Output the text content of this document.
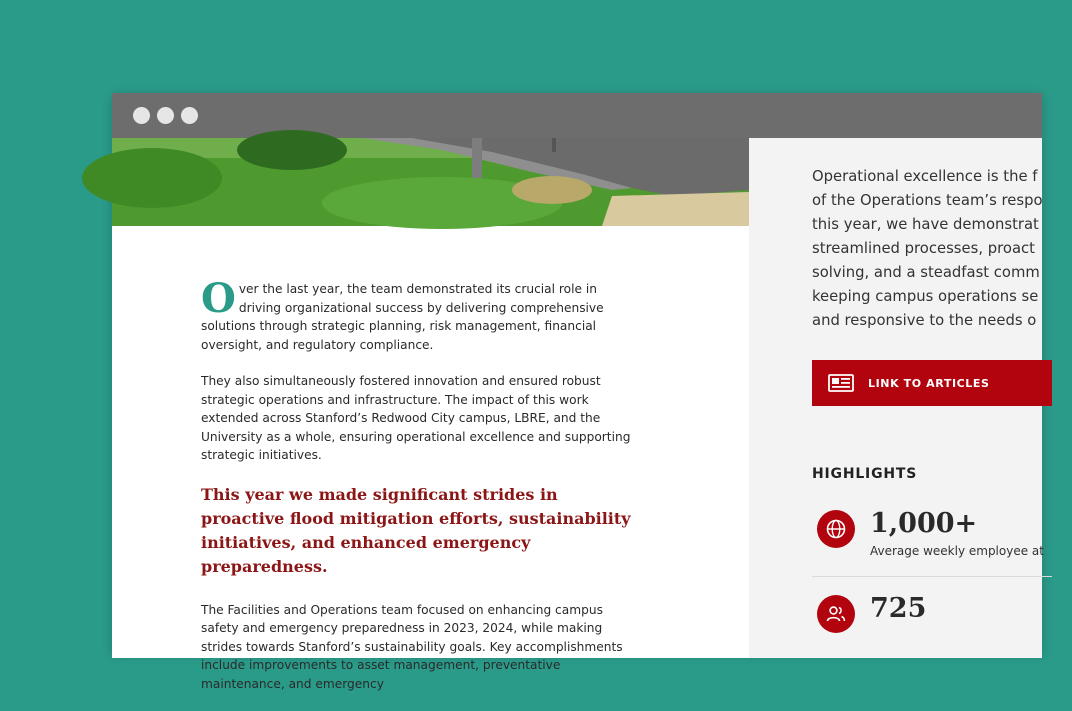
Over the last year, the team demonstrated its crucial role in driving organizational success by delivering comprehensive solutions through strategic planning, risk management, financial oversight, and regulatory compliance.

They also simultaneously fostered innovation and ensured robust strategic operations and infrastructure. The impact of this work extended across Stanford’s Redwood City campus, LBRE, and the University as a whole, ensuring operational excellence and supporting strategic initiatives.

This year we made significant strides in proactive flood mitigation efforts, sustainability initiatives, and enhanced emergency preparedness.

The Facilities and Operations team focused on enhancing campus safety and emergency preparedness in 2023, 2024, while making strides towards Stanford’s sustainability goals. Key accomplishments include improvements to asset management, preventative maintenance, and emergency

Operational excellence is the f
of the Operations team’s respo
this year, we have demonstrat
streamlined processes, proact
solving, and a steadfast comm
keeping campus operations se
and responsive to the needs o
LINK TO ARTICLES
HIGHLIGHTS
1,000+
Average weekly employee at
725
